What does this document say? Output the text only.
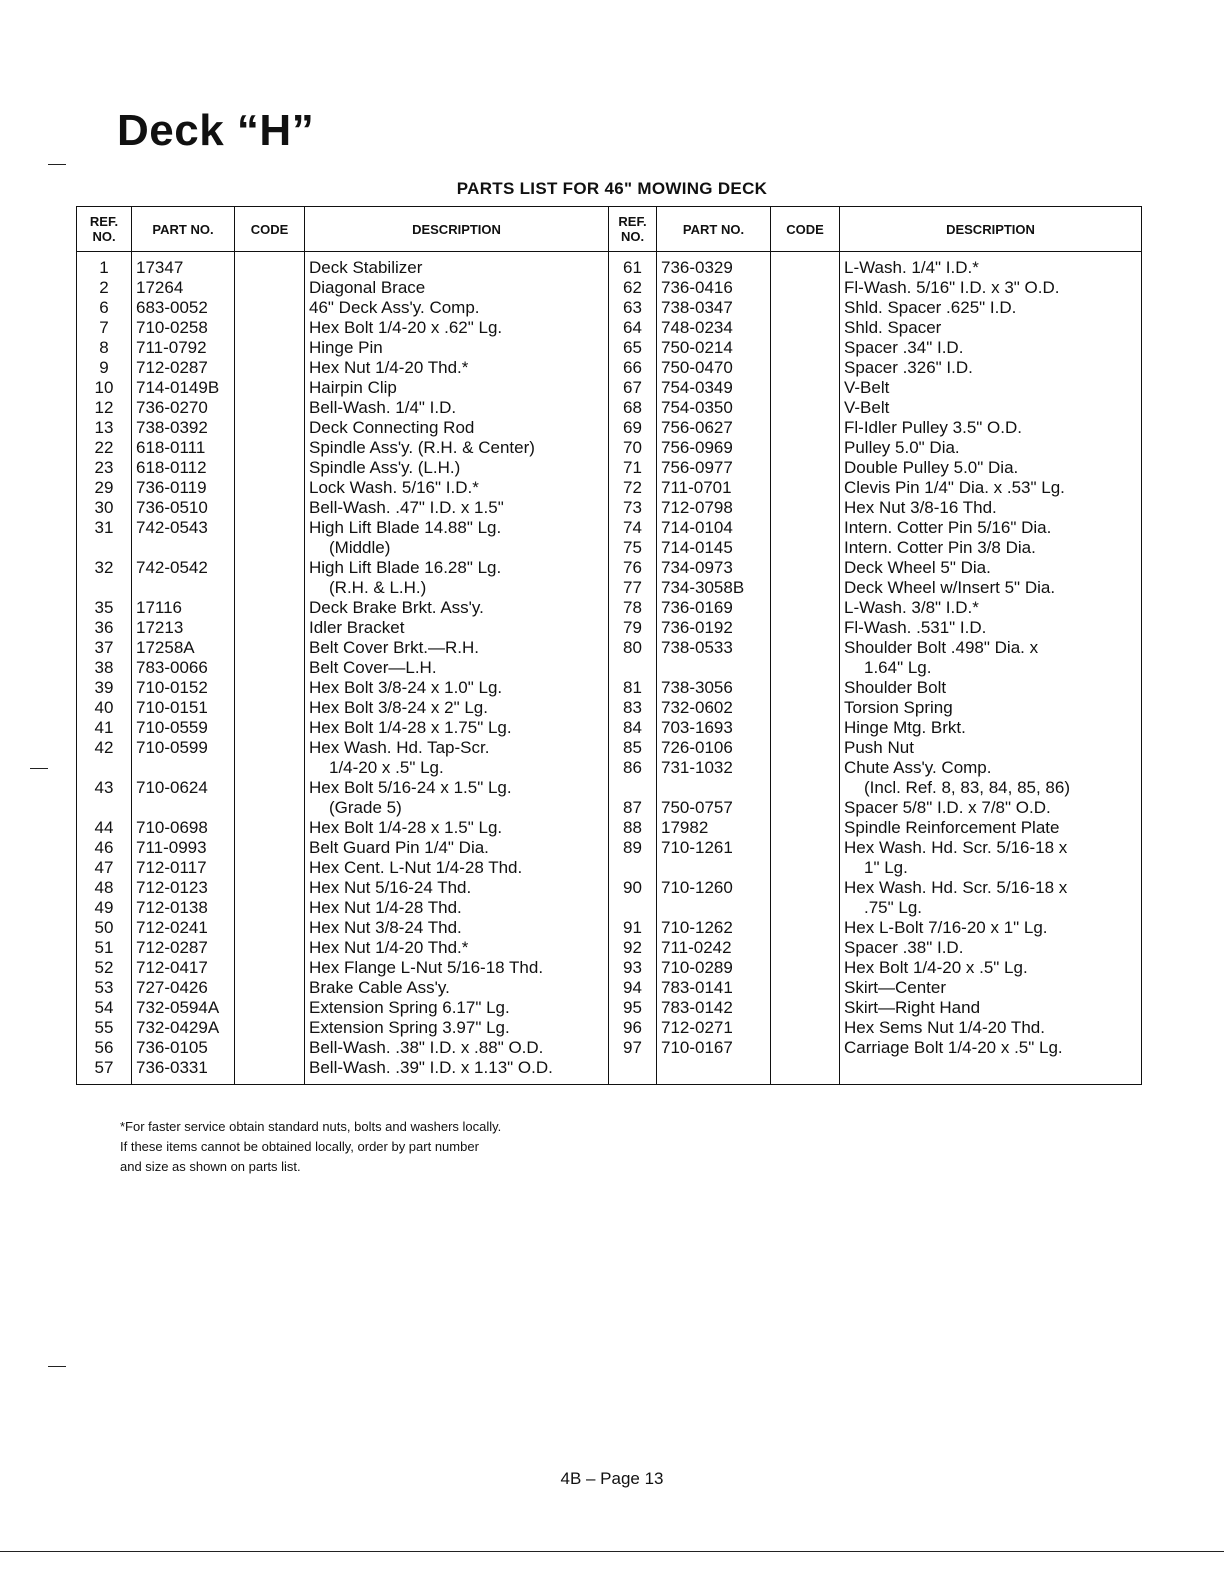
Deck “H”
PARTS LIST FOR 46" MOWING DECK
REF. NO.	PART NO.	CODE	DESCRIPTION	REF. NO.	PART NO.	CODE	DESCRIPTION
1	17347		Deck Stabilizer	61	736-0329		L-Wash. 1/4" I.D.*
2	17264		Diagonal Brace	62	736-0416		Fl-Wash. 5/16" I.D. x 3" O.D.
6	683-0052		46" Deck Ass'y. Comp.	63	738-0347		Shld. Spacer .625" I.D.
7	710-0258		Hex Bolt 1/4-20 x .62" Lg.	64	748-0234		Shld. Spacer
8	711-0792		Hinge Pin	65	750-0214		Spacer .34" I.D.
9	712-0287		Hex Nut 1/4-20 Thd.*	66	750-0470		Spacer .326" I.D.
10	714-0149B		Hairpin Clip	67	754-0349		V-Belt
12	736-0270		Bell-Wash. 1/4" I.D.	68	754-0350		V-Belt
13	738-0392		Deck Connecting Rod	69	756-0627		Fl-Idler Pulley 3.5" O.D.
22	618-0111		Spindle Ass'y. (R.H. & Center)	70	756-0969		Pulley 5.0" Dia.
23	618-0112		Spindle Ass'y. (L.H.)	71	756-0977		Double Pulley 5.0" Dia.
29	736-0119		Lock Wash. 5/16" I.D.*	72	711-0701		Clevis Pin 1/4" Dia. x .53" Lg.
30	736-0510		Bell-Wash. .47" I.D. x 1.5"	73	712-0798		Hex Nut 3/8-16 Thd.
31	742-0543		High Lift Blade 14.88" Lg.	74	714-0104		Intern. Cotter Pin 5/16" Dia.
			(Middle)	75	714-0145		Intern. Cotter Pin 3/8 Dia.
32	742-0542		High Lift Blade 16.28" Lg.	76	734-0973		Deck Wheel 5" Dia.
			(R.H. & L.H.)	77	734-3058B		Deck Wheel w/Insert 5" Dia.
35	17116		Deck Brake Brkt. Ass'y.	78	736-0169		L-Wash. 3/8" I.D.*
36	17213		Idler Bracket	79	736-0192		Fl-Wash. .531" I.D.
37	17258A		Belt Cover Brkt.—R.H.	80	738-0533		Shoulder Bolt .498" Dia. x
38	783-0066		Belt Cover—L.H.				1.64" Lg.
39	710-0152		Hex Bolt 3/8-24 x 1.0" Lg.	81	738-3056		Shoulder Bolt
40	710-0151		Hex Bolt 3/8-24 x 2" Lg.	83	732-0602		Torsion Spring
41	710-0559		Hex Bolt 1/4-28 x 1.75" Lg.	84	703-1693		Hinge Mtg. Brkt.
42	710-0599		Hex Wash. Hd. Tap-Scr.	85	726-0106		Push Nut
			1/4-20 x .5" Lg.	86	731-1032		Chute Ass'y. Comp.
43	710-0624		Hex Bolt 5/16-24 x 1.5" Lg.				(Incl. Ref. 8, 83, 84, 85, 86)
			(Grade 5)	87	750-0757		Spacer 5/8" I.D. x 7/8" O.D.
44	710-0698		Hex Bolt 1/4-28 x 1.5" Lg.	88	17982		Spindle Reinforcement Plate
46	711-0993		Belt Guard Pin 1/4" Dia.	89	710-1261		Hex Wash. Hd. Scr. 5/16-18 x
47	712-0117		Hex Cent. L-Nut 1/4-28 Thd.				1" Lg.
48	712-0123		Hex Nut 5/16-24 Thd.	90	710-1260		Hex Wash. Hd. Scr. 5/16-18 x
49	712-0138		Hex Nut 1/4-28 Thd.				.75" Lg.
50	712-0241		Hex Nut 3/8-24 Thd.	91	710-1262		Hex L-Bolt 7/16-20 x 1" Lg.
51	712-0287		Hex Nut 1/4-20 Thd.*	92	711-0242		Spacer .38" I.D.
52	712-0417		Hex Flange L-Nut 5/16-18 Thd.	93	710-0289		Hex Bolt 1/4-20 x .5" Lg.
53	727-0426		Brake Cable Ass'y.	94	783-0141		Skirt—Center
54	732-0594A		Extension Spring 6.17" Lg.	95	783-0142		Skirt—Right Hand
55	732-0429A		Extension Spring 3.97" Lg.	96	712-0271		Hex Sems Nut 1/4-20 Thd.
56	736-0105		Bell-Wash. .38" I.D. x .88" O.D.	97	710-0167		Carriage Bolt 1/4-20 x .5" Lg.
57	736-0331		Bell-Wash. .39" I.D. x 1.13" O.D.				
*For faster service obtain standard nuts, bolts and washers locally.
If these items cannot be obtained locally, order by part number
and size as shown on parts list.
4B – Page 13
